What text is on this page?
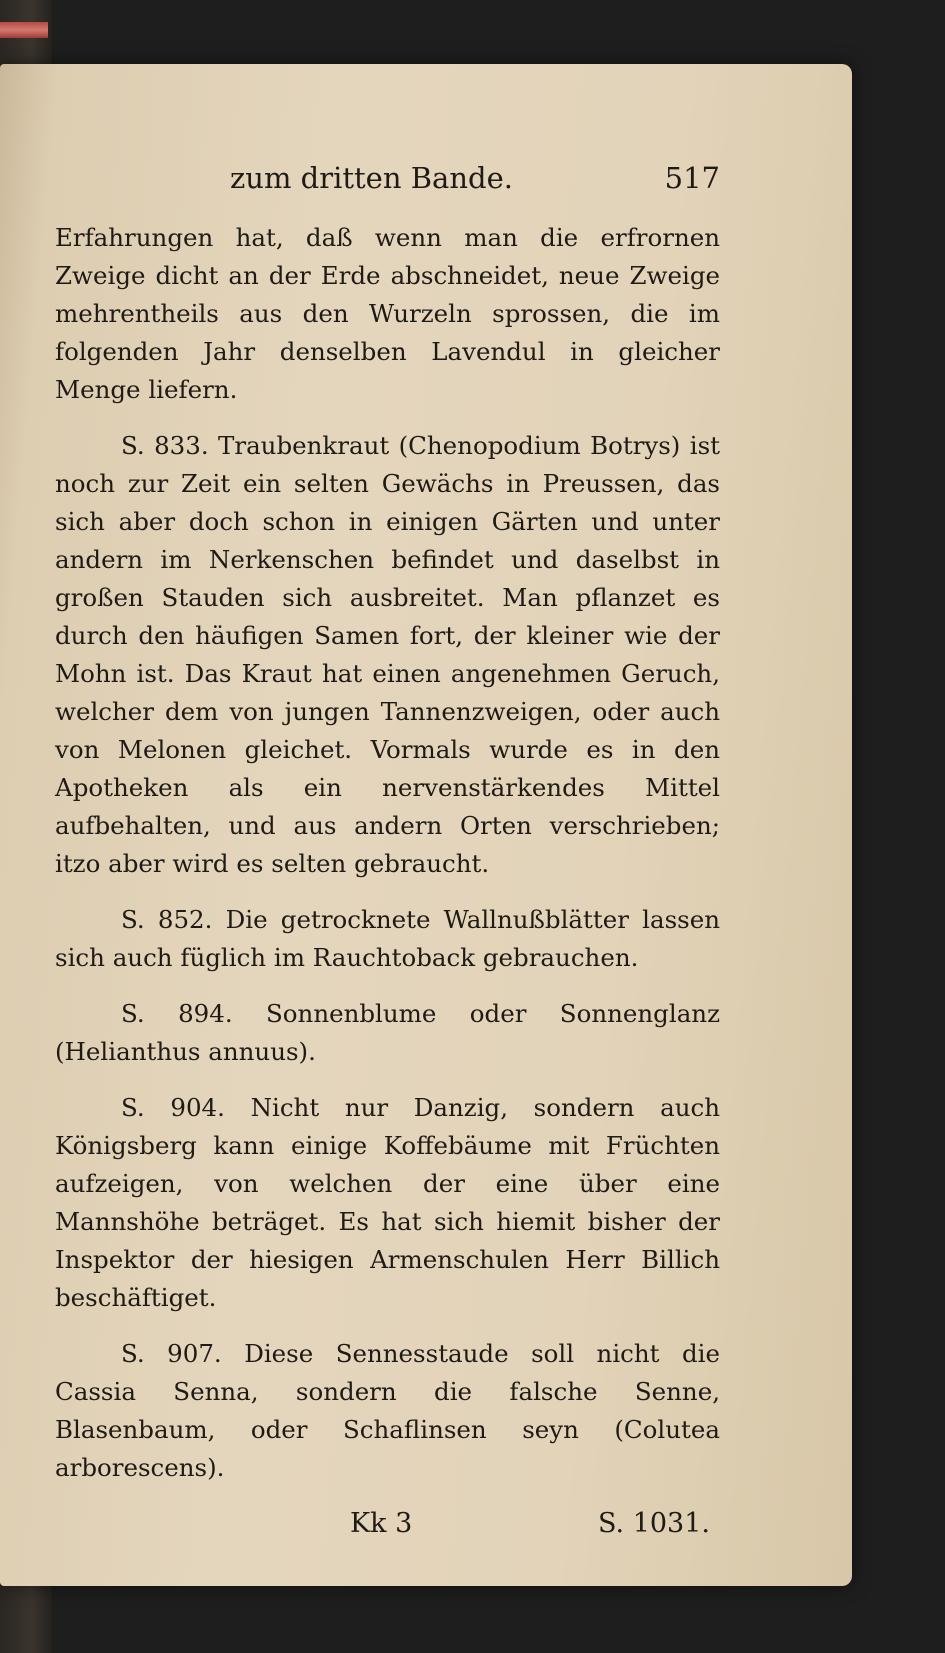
zum dritten Bande.	517

Erfahrungen hat, daß wenn man die erfrornen Zweige dicht an der Erde abschneidet, neue Zweige mehrentheils aus den Wurzeln sprossen, die im folgenden Jahr denselben Lavendul in gleicher Menge liefern.

S. 833. Traubenkraut (Chenopodium Botrys) ist noch zur Zeit ein selten Gewächs in Preussen, das sich aber doch schon in einigen Gärten und unter andern im Nerkenschen befindet und daselbst in großen Stauden sich ausbreitet. Man pflanzet es durch den häufigen Samen fort, der kleiner wie der Mohn ist. Das Kraut hat einen angenehmen Geruch, welcher dem von jungen Tannenzweigen, oder auch von Melonen gleichet. Vormals wurde es in den Apotheken als ein nervenstärkendes Mittel aufbehalten, und aus andern Orten verschrieben; itzo aber wird es selten gebraucht.

S. 852. Die getrocknete Wallnußblätter lassen sich auch füglich im Rauchtoback gebrauchen.

S. 894. Sonnenblume oder Sonnenglanz (Helianthus annuus).

S. 904. Nicht nur Danzig, sondern auch Königsberg kann einige Koffebäume mit Früchten aufzeigen, von welchen der eine über eine Mannshöhe beträget. Es hat sich hiemit bisher der Inspektor der hiesigen Armenschulen Herr Billich beschäftiget.

S. 907. Diese Sennesstaude soll nicht die Cassia Senna, sondern die falsche Senne, Blasenbaum, oder Schaflinsen seyn (Colutea arborescens).

Kk 3	S. 1031.
